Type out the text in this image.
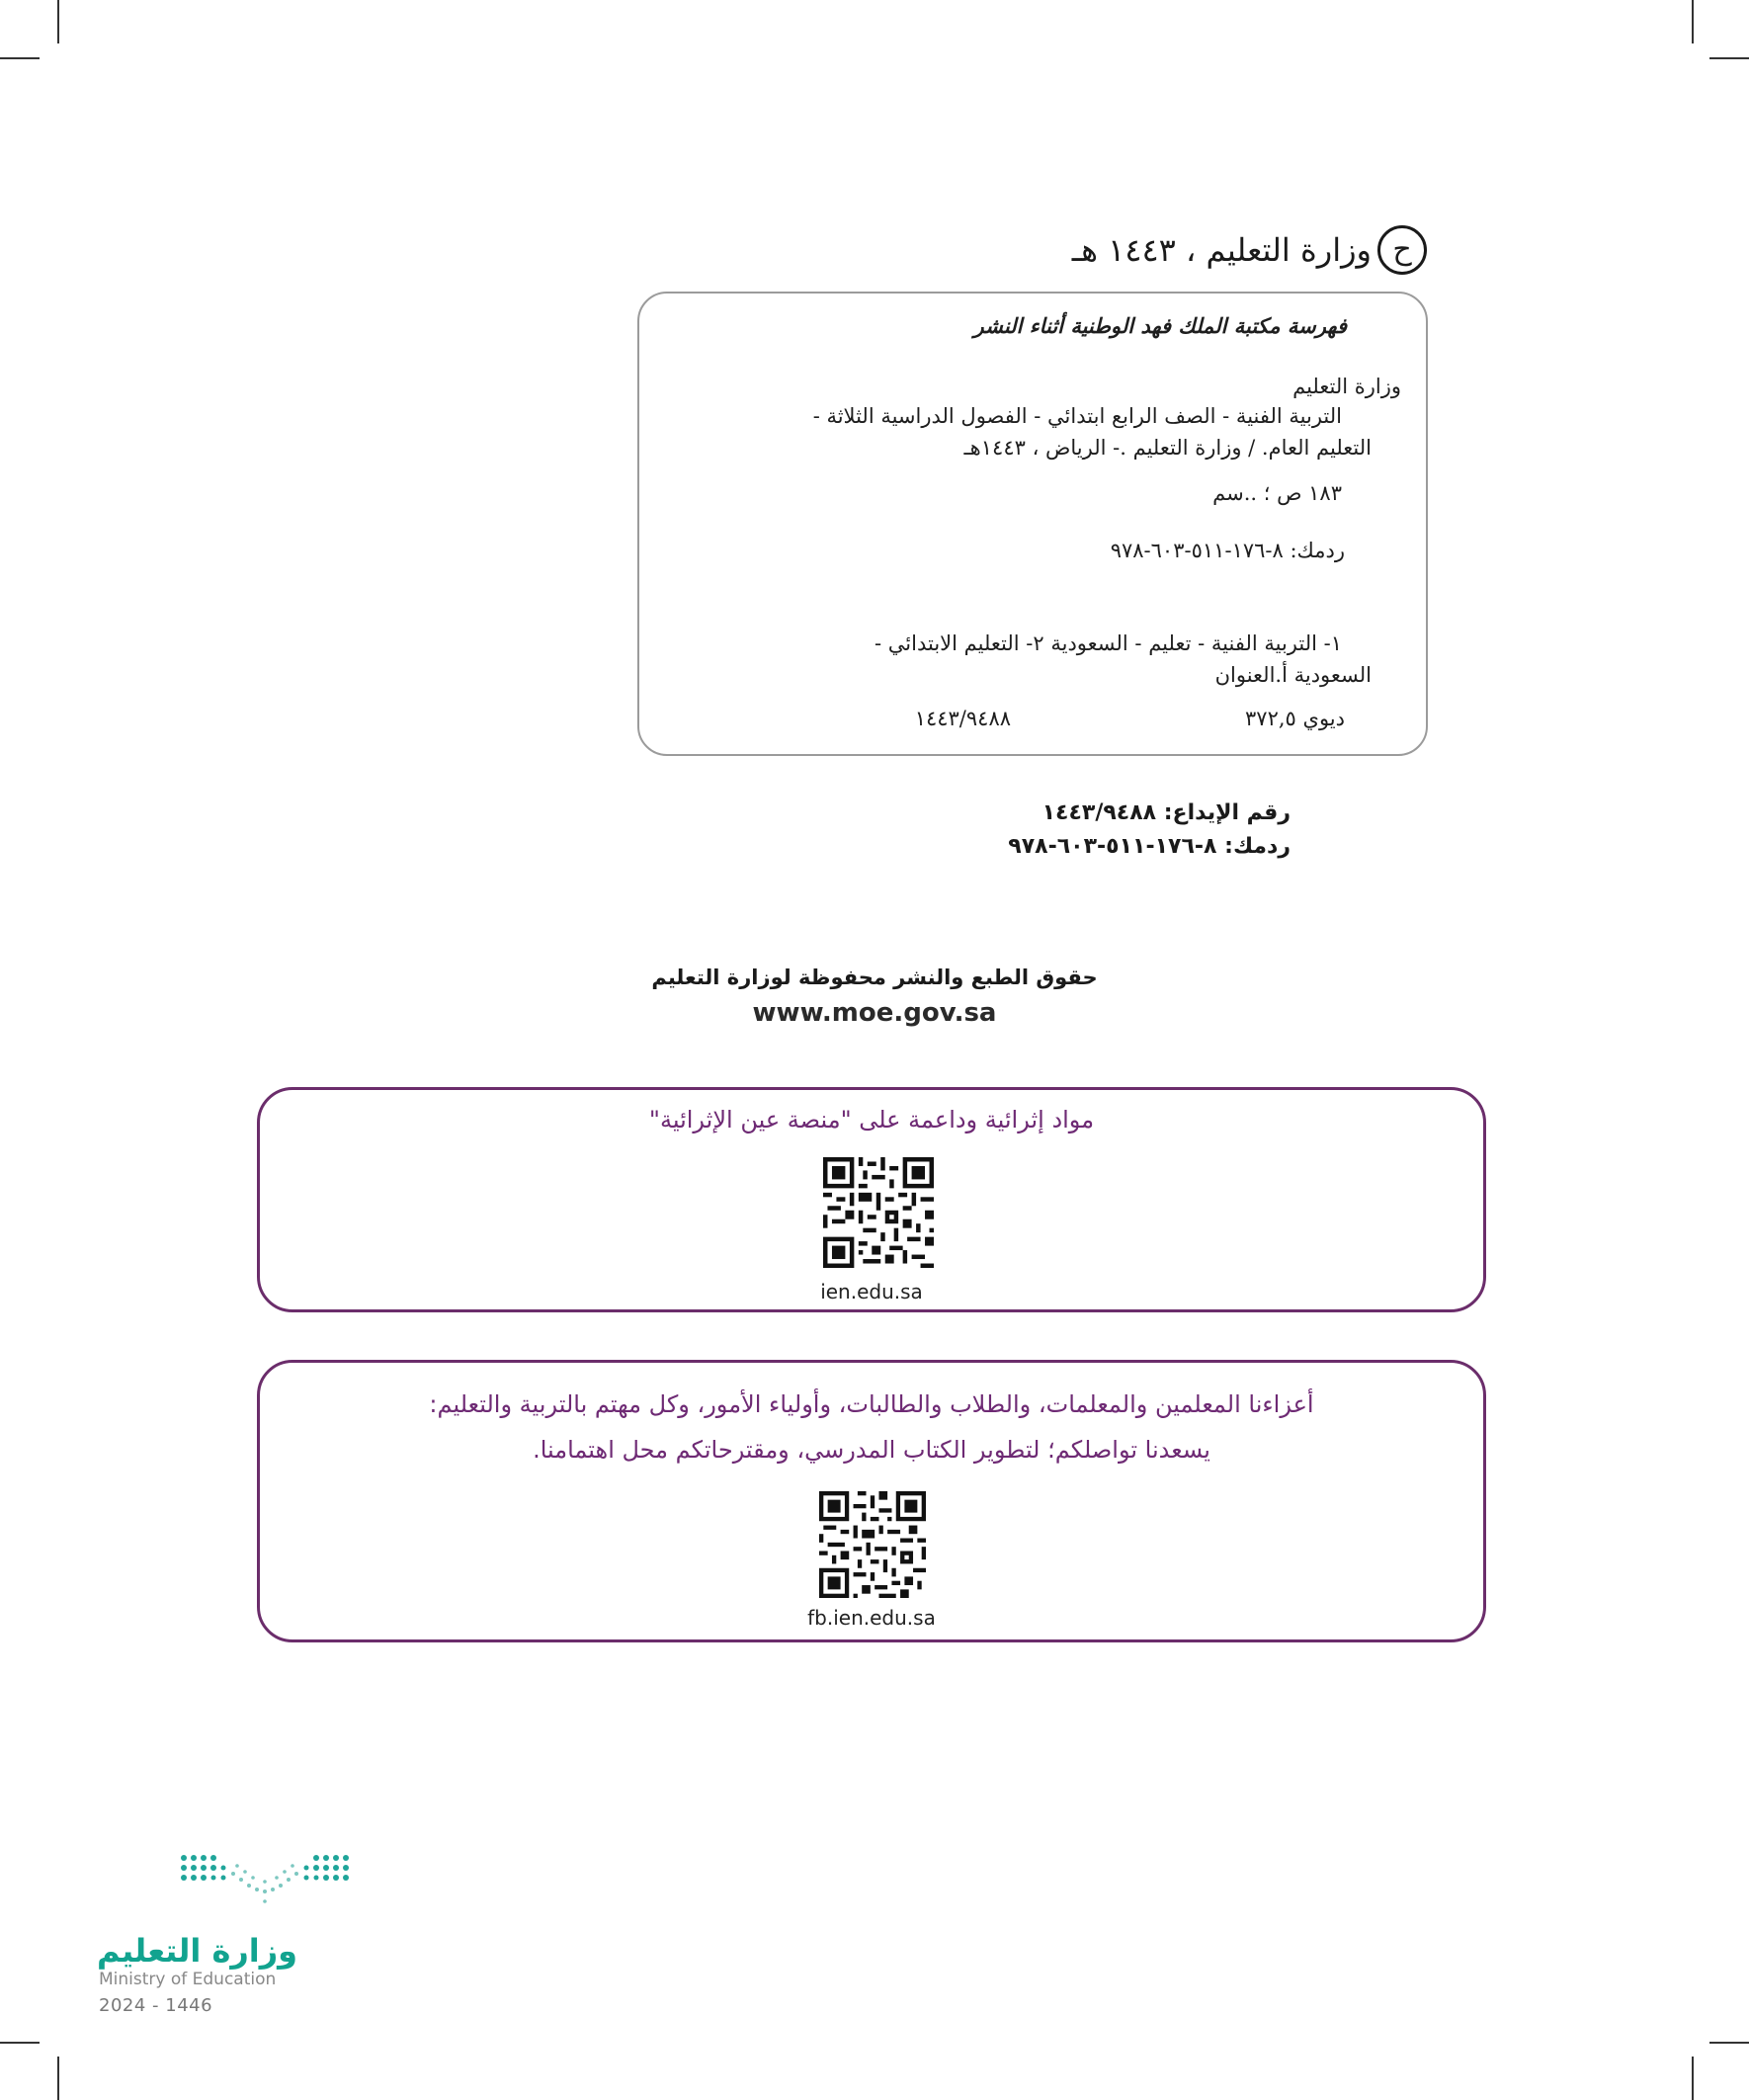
ح
وزارة التعليم ، ١٤٤٣ هـ
فهرسة مكتبة الملك فهد الوطنية أثناء النشر
وزارة التعليم
التربية الفنية - الصف الرابع ابتدائي - الفصول الدراسية الثلاثة -
التعليم العام. / وزارة التعليم .- الرياض ، ١٤٤٣هـ
١٨٣ ص ؛ ..سم
ردمك: ٨-١٧٦-٥١١-٦٠٣-٩٧٨
١- التربية الفنية - تعليم - السعودية ٢- التعليم الابتدائي -
السعودية أ.العنوان
ديوي ٣٧٢,٥
١٤٤٣/٩٤٨٨
رقم الإيداع: ١٤٤٣/٩٤٨٨
ردمك: ٨-١٧٦-٥١١-٦٠٣-٩٧٨
حقوق الطبع والنشر محفوظة لوزارة التعليم
www.moe.gov.sa
مواد إثرائية وداعمة على "منصة عين الإثرائية"
ien.edu.sa
أعزاءنا المعلمين والمعلمات، والطلاب والطالبات، وأولياء الأمور، وكل مهتم بالتربية والتعليم:
يسعدنا تواصلكم؛ لتطوير الكتاب المدرسي، ومقترحاتكم محل اهتمامنا.
fb.ien.edu.sa
وزارة التعليم
Ministry of Education
2024 - 1446
